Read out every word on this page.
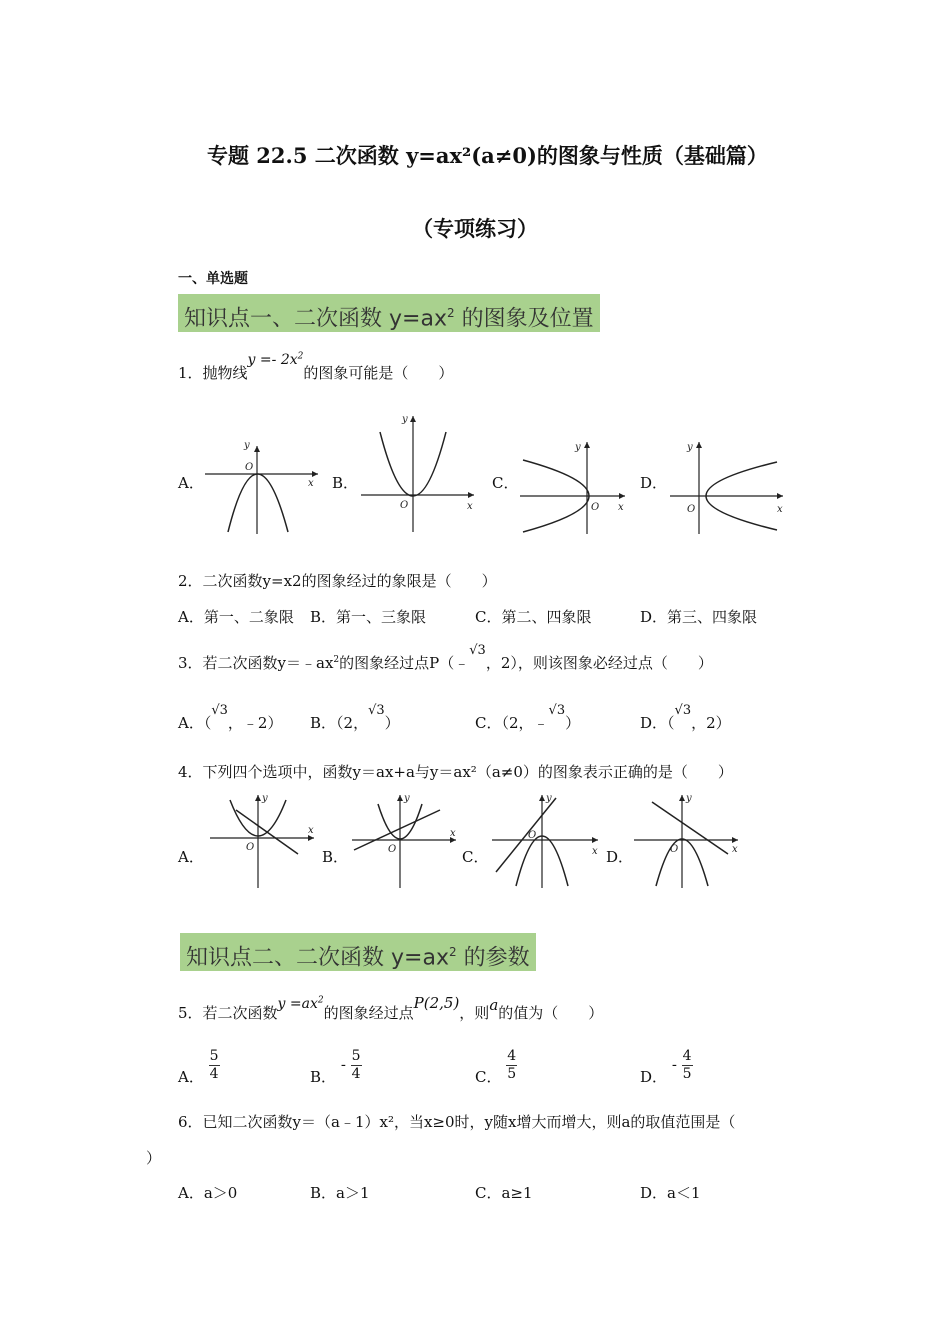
专题 22.5 二次函数 y=ax²(a≠0)的图象与性质（基础篇）
（专项练习）
一、单选题
知识点一、二次函数 $y=ax^2$ 的图象及位置
1．抛物线$y =- 2x^2$的图象可能是（　　）
A．	B．	C．	D．
x
y
O
x
y
O	x
y
O	x
y
O
2．二次函数y=x2的图象经过的象限是（　　）
A．第一、二象限 B．第一、三象限	C．第二、四象限	D．第三、四象限
3．若二次函数$y=﹣ax^2$的图象经过点P（﹣√3，2），则该图象必经过点（　　）
A．（√3，﹣2） B．（2，√3）	C．（2，﹣√3）	D．（√3，2）
4．下列四个选项中，函数y＝ax+a与y＝ax²（a≠0）的图象表示正确的是（　　）
A．	B．	C．	D．
x
y
O
x
y
O	x
y
O
x
y
O
知识点二、二次函数 $y=ax^2$ 的参数
5．若二次函数$y =ax^2$的图象经过点P(2,5)，则a的值为（　　）
A． $\frac{5}{4}$	B． - $\frac{5}{4}$	C． $\frac{4}{5}$	D． - $\frac{4}{5}$
6．已知二次函数y＝（a﹣1）x²，当x≥0时，y随x增大而增大，则a的取值范围是（
）
A．a＞0	B．a＞1	C．a≥1	D．a＜1
